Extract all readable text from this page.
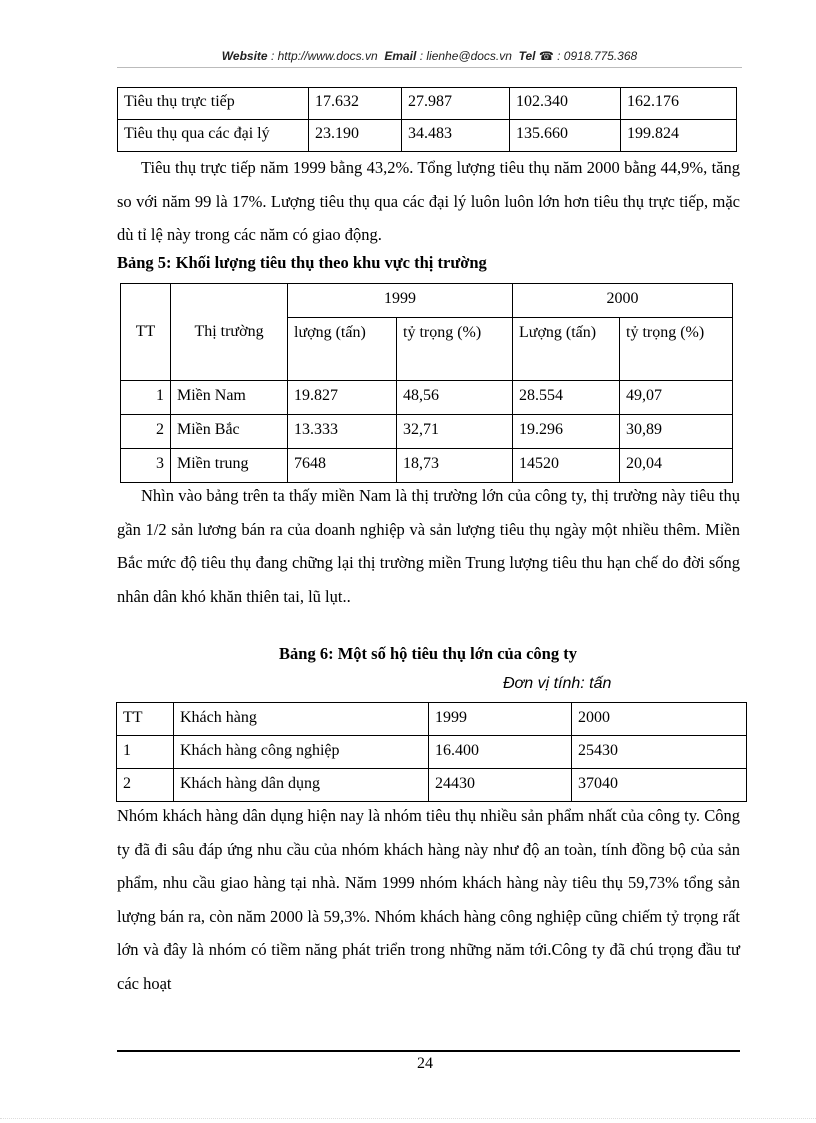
Website : http://www.docs.vn Email : lienhe@docs.vn Tel ☎ : 0918.775.368
Tiêu thụ trực tiếp	17.632	27.987	102.340	162.176
Tiêu thụ qua các đại lý	23.190	34.483	135.660	199.824

Tiêu thụ trực tiếp năm 1999 bằng 43,2%. Tổng lượng tiêu thụ năm 2000 bằng 44,9%, tăng so với năm 99 là 17%. Lượng tiêu thụ qua các đại lý luôn luôn lớn hơn tiêu thụ trực tiếp, mặc dù tỉ lệ này trong các năm có giao động.

Bảng 5: Khối lượng tiêu thụ theo khu vực thị trường
TT	Thị trường	1999		2000	
		lượng (tấn)	tỷ trọng (%)	Lượng (tấn)	tỷ trọng (%)
1	Miền Nam	19.827	48,56	28.554	49,07
2	Miền Bắc	13.333	32,71	19.296	30,89
3	Miền trung	7648	18,73	14520	20,04

Nhìn vào bảng trên ta thấy miền Nam là thị trường lớn của công ty, thị trường này tiêu thụ gần 1/2 sản lương bán ra của doanh nghiệp và sản lượng tiêu thụ ngày một nhiều thêm. Miền Bắc mức độ tiêu thụ đang chững lại thị trường miền Trung lượng tiêu thu hạn chế do đời sống nhân dân khó khăn thiên tai, lũ lụt..

Bảng 6: Một số hộ tiêu thụ lớn của công ty
Đơn vị tính: tấn
TT	Khách hàng	1999	2000
1	Khách hàng công nghiệp	16.400	25430
2	Khách hàng dân dụng	24430	37040

Nhóm khách hàng dân dụng hiện nay là nhóm tiêu thụ nhiều sản phẩm nhất của công ty. Công ty đã đi sâu đáp ứng nhu cầu của nhóm khách hàng này như độ an toàn, tính đồng bộ của sản phẩm, nhu cầu giao hàng tại nhà. Năm 1999 nhóm khách hàng này tiêu thụ 59,73% tổng sản lượng bán ra, còn năm 2000 là 59,3%. Nhóm khách hàng công nghiệp cũng chiếm tỷ trọng rất lớn và đây là nhóm có tiềm năng phát triển trong những năm tới.Công ty đã chú trọng đầu tư các hoạt

24
